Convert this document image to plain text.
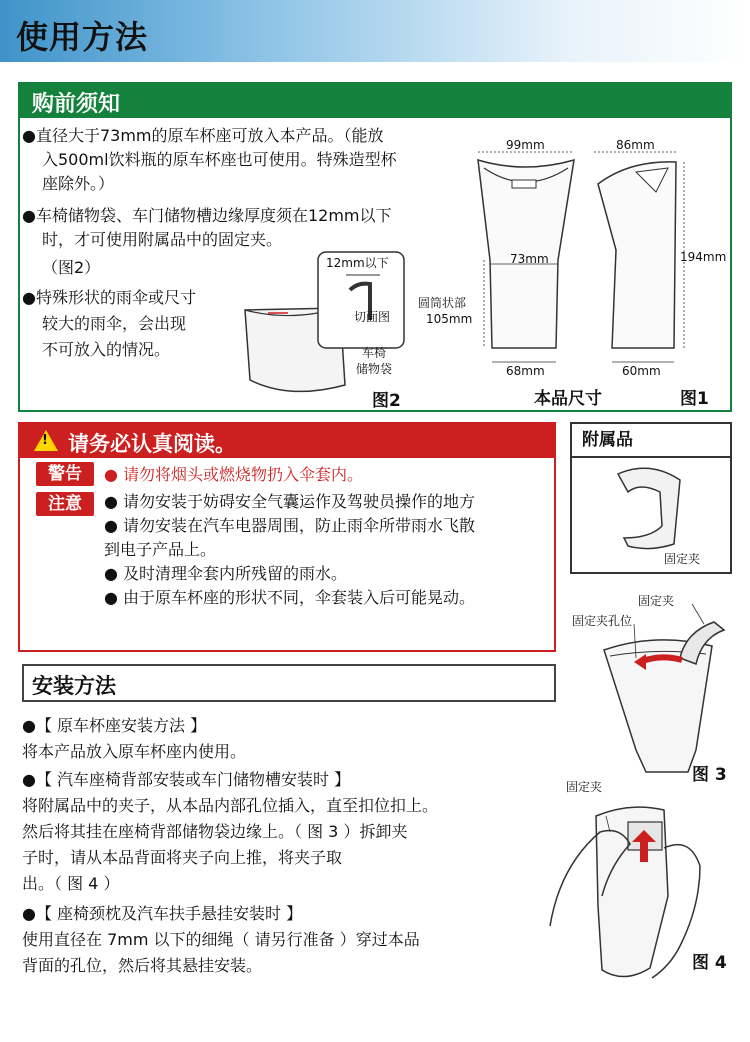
使用方法
购前须知
●直径大于73mm的原车杯座可放入本产品。（能放
入500ml饮料瓶的原车杯座也可使用。特殊造型杯
座除外。）
●车椅储物袋、车门储物槽边缘厚度须在12mm以下
时，才可使用附属品中的固定夹。
（图2）
●特殊形状的雨伞或尺寸
较大的雨伞，会出现
不可放入的情况。
12mm以下
切面图
车椅
储物袋
图2
99mm	86mm
194mm
73mm
圆筒状部
105mm
68mm	60mm
本品尺寸	图1
! 请务必认真阅读。
警告	● 请勿将烟头或燃烧物扔入伞套内。
注意	● 请勿安装于妨碍安全气囊运作及驾驶员操作的地方
● 请勿安装在汽车电器周围，防止雨伞所带雨水飞散
到电子产品上。
● 及时清理伞套内所残留的雨水。
● 由于原车杯座的形状不同，伞套装入后可能晃动。
附属品
固定夹
固定夹
固定夹孔位
图 3
固定夹
图 4
安装方法
●【 原车杯座安装方法 】
将本产品放入原车杯座内使用。
●【 汽车座椅背部安装或车门储物槽安装时 】
将附属品中的夹子，从本品内部孔位插入，直至扣位扣上。
然后将其挂在座椅背部储物袋边缘上。（ 图 3 ）拆卸夹
子时，请从本品背面将夹子向上推，将夹子取
出。（ 图 4 ）
●【 座椅颈枕及汽车扶手悬挂安装时 】
使用直径在 7mm 以下的细绳（ 请另行准备 ）穿过本品
背面的孔位，然后将其悬挂安装。
